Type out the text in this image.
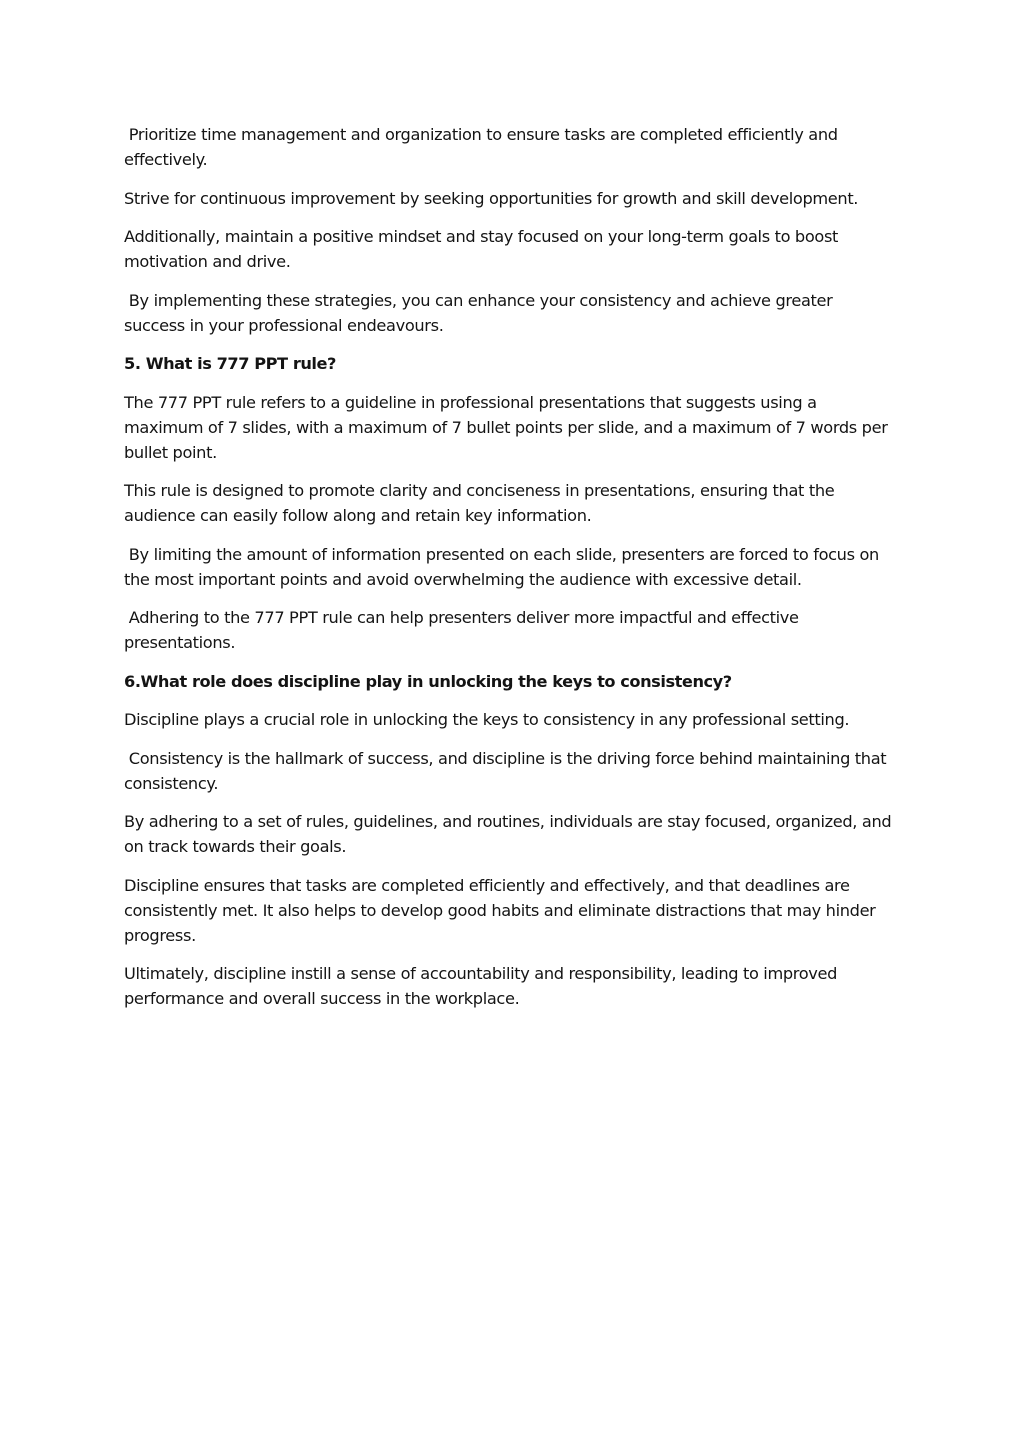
Prioritize time management and organization to ensure tasks are completed efficiently and effectively.

Strive for continuous improvement by seeking opportunities for growth and skill development.

Additionally, maintain a positive mindset and stay focused on your long-term goals to boost motivation and drive.

By implementing these strategies, you can enhance your consistency and achieve greater success in your professional endeavours.

5. What is 777 PPT rule?

The 777 PPT rule refers to a guideline in professional presentations that suggests using a maximum of 7 slides, with a maximum of 7 bullet points per slide, and a maximum of 7 words per bullet point.

This rule is designed to promote clarity and conciseness in presentations, ensuring that the audience can easily follow along and retain key information.

By limiting the amount of information presented on each slide, presenters are forced to focus on the most important points and avoid overwhelming the audience with excessive detail.

Adhering to the 777 PPT rule can help presenters deliver more impactful and effective presentations.

6.What role does discipline play in unlocking the keys to consistency?

Discipline plays a crucial role in unlocking the keys to consistency in any professional setting.

Consistency is the hallmark of success, and discipline is the driving force behind maintaining that consistency.

By adhering to a set of rules, guidelines, and routines, individuals are stay focused, organized, and on track towards their goals.

Discipline ensures that tasks are completed efficiently and effectively, and that deadlines are consistently met. It also helps to develop good habits and eliminate distractions that may hinder progress.

Ultimately, discipline instill a sense of accountability and responsibility, leading to improved performance and overall success in the workplace.
